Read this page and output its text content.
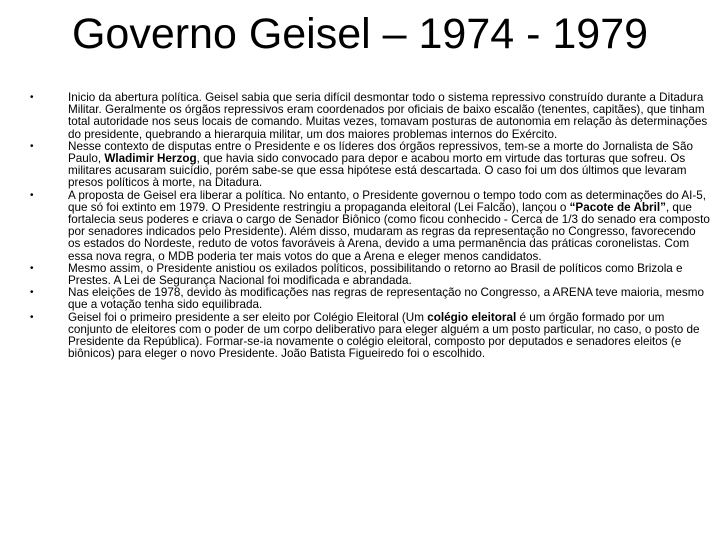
Governo Geisel – 1974 - 1979
•	Inicio da abertura política. Geisel sabia que seria difícil desmontar todo o sistema repressivo construído durante a Ditadura Militar. Geralmente os órgãos repressivos eram coordenados por oficiais de baixo escalão (tenentes, capitães), que tinham total autoridade nos seus locais de comando. Muitas vezes, tomavam posturas de autonomia em relação às determinações do presidente, quebrando a hierarquia militar, um dos maiores problemas internos do Exército.
•	Nesse contexto de disputas entre o Presidente e os líderes dos órgãos repressivos, tem-se a morte do Jornalista de São Paulo, Wladimir Herzog, que havia sido convocado para depor e acabou morto em virtude das torturas que sofreu. Os militares acusaram suicídio, porém sabe-se que essa hipótese está descartada. O caso foi um dos últimos que levaram presos políticos à morte, na Ditadura.
•	A proposta de Geisel era liberar a política. No entanto, o Presidente governou o tempo todo com as determinações do AI-5, que só foi extinto em 1979. O Presidente restringiu a propaganda eleitoral (Lei Falcão), lançou o “Pacote de Abril”, que fortalecia seus poderes e criava o cargo de Senador Biônico (como ficou conhecido - Cerca de 1/3 do senado era composto por senadores indicados pelo Presidente). Além disso, mudaram as regras da representação no Congresso, favorecendo os estados do Nordeste, reduto de votos favoráveis à Arena, devido a uma permanência das práticas coronelistas. Com essa nova regra, o MDB poderia ter mais votos do que a Arena e eleger menos candidatos.
•	Mesmo assim, o Presidente anistiou os exilados políticos, possibilitando o retorno ao Brasil de políticos como Brizola e Prestes. A Lei de Segurança Nacional foi modificada e abrandada.
•	Nas eleições de 1978, devido às modificações nas regras de representação no Congresso, a ARENA teve maioria, mesmo que a votação tenha sido equilibrada.
•	Geisel foi o primeiro presidente a ser eleito por Colégio Eleitoral (Um colégio eleitoral é um órgão formado por um conjunto de eleitores com o poder de um corpo deliberativo para eleger alguém a um posto particular, no caso, o posto de Presidente da República). Formar-se-ia novamente o colégio eleitoral, composto por deputados e senadores eleitos (e biônicos) para eleger o novo Presidente. João Batista Figueiredo foi o escolhido.
